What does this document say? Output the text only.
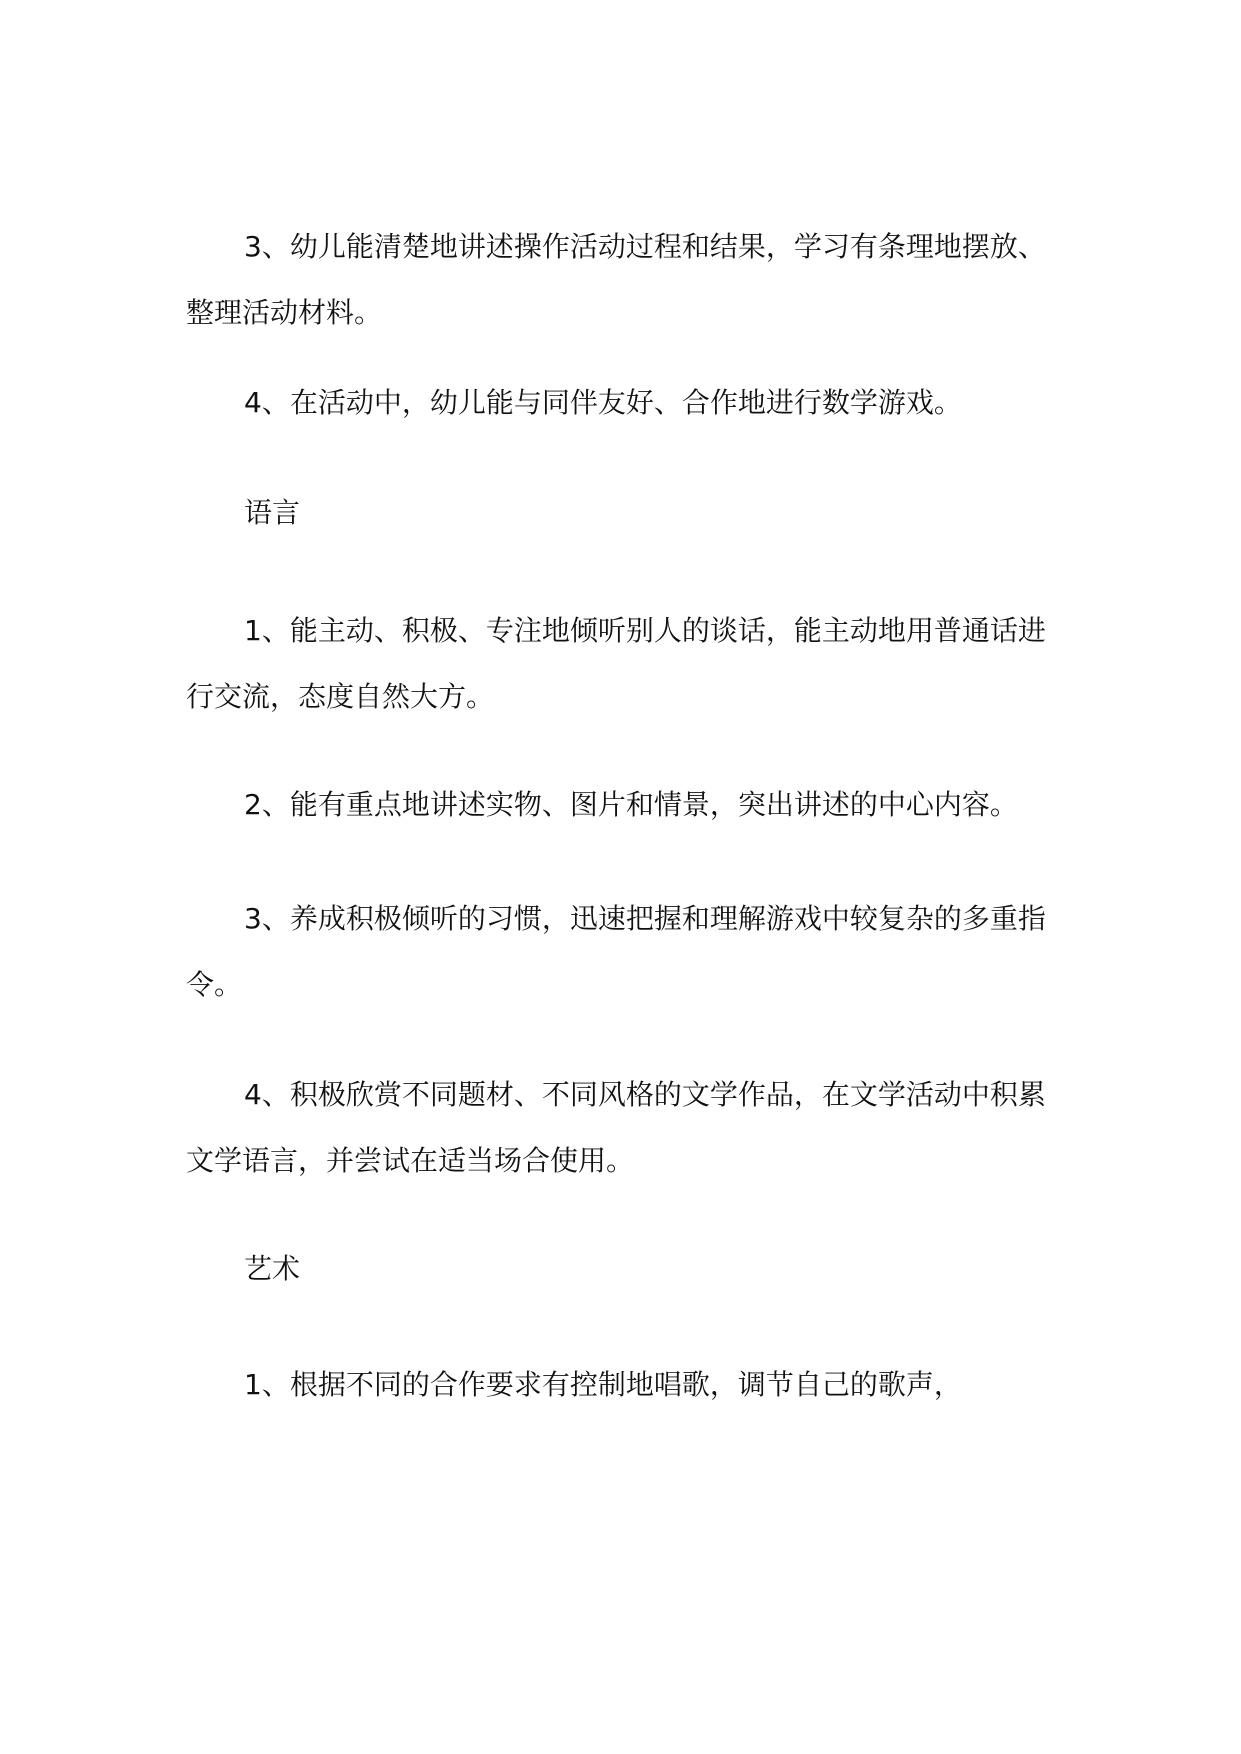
3、幼儿能清楚地讲述操作活动过程和结果，学习有条理地摆放、整理活动材料。

4、在活动中，幼儿能与同伴友好、合作地进行数学游戏。

语言

1、能主动、积极、专注地倾听别人的谈话，能主动地用普通话进行交流，态度自然大方。

2、能有重点地讲述实物、图片和情景，突出讲述的中心内容。

3、养成积极倾听的习惯，迅速把握和理解游戏中较复杂的多重指令。

4、积极欣赏不同题材、不同风格的文学作品，在文学活动中积累文学语言，并尝试在适当场合使用。

艺术

1、根据不同的合作要求有控制地唱歌，调节自己的歌声，
